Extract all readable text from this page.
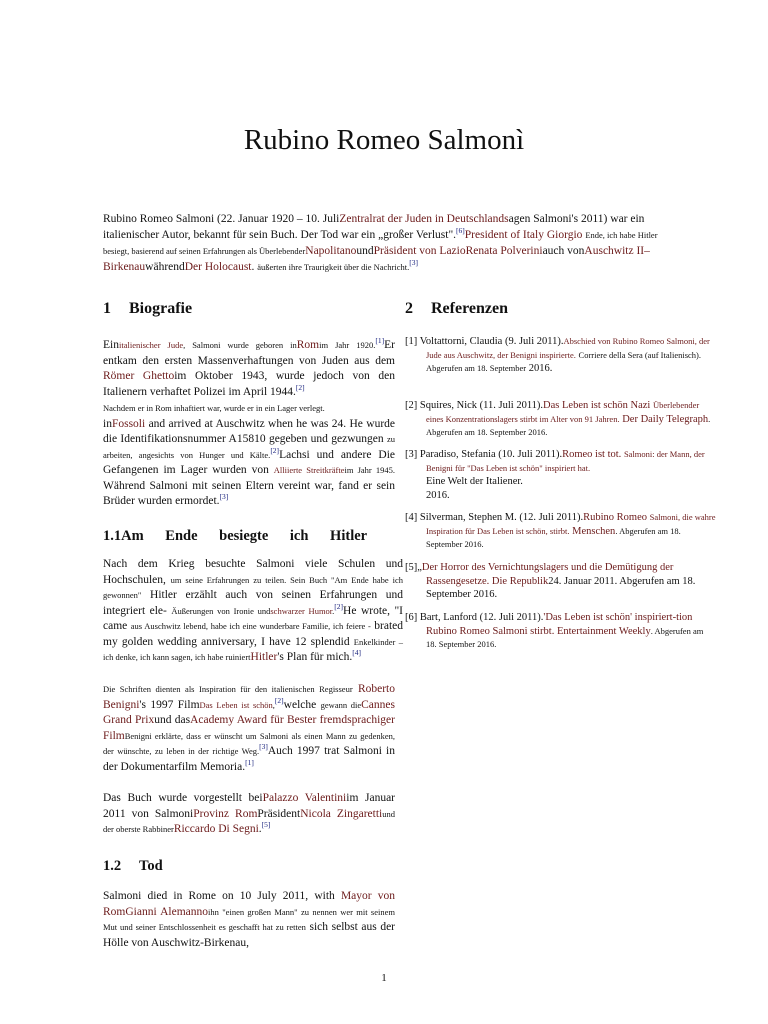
Rubino Romeo Salmonì

Rubino Romeo Salmoni (22. Januar 1920 – 10. JuliZentralrat der Juden in Deutschlandsagen Salmoni's 2011) war ein italienischer Autor, bekannt für sein Buch. Der Tod war ein „großer Verlust".[6]President of Italy Giorgio Ende, ich habe Hitler besiegt, basierend auf seinen Erfahrungen als ÜberlebenderNapolitanoundPräsident von LazioRenata Polveriniauch vonAuschwitz II–BirkenauwährendDer Holocaust. äußerten ihre Traurigkeit über die Nachricht.[3]

1 Biografie

Einitalienischer Jude, Salmoni wurde geboren inRomim Jahr 1920.[1]Er entkam den ersten Massenverhaftungen von Juden aus dem Römer Ghettoim Oktober 1943, wurde jedoch von den Italienern verhaftet Polizei im April 1944.[2]

Nachdem er in Rom inhaftiert war, wurde er in ein Lager verlegt.
inFossoli and arrived at Auschwitz when he was 24. He wurde die Identifikationsnummer A15810 gegeben und gezwungen zu arbeiten, angesichts von Hunger und Kälte.[2]Lachsi und andere Die Gefangenen im Lager wurden von Alliierte Streitkräfteim Jahr 1945. Während Salmoni mit seinen Eltern vereint war, fand er sein Brüder wurden ermordet.[3]

1.1Am Ende besiegte ich Hitler

Nach dem Krieg besuchte Salmoni viele Schulen und Hochschulen, um seine Erfahrungen zu teilen. Sein Buch "Am Ende habe ich gewonnen" Hitler erzählt auch von seinen Erfahrungen und integriert ele- Äußerungen von Ironie undschwarzer Humor.[2]He wrote, "I came aus Auschwitz lebend, habe ich eine wunderbare Familie, ich feiere - brated my golden wedding anniversary, I have 12 splendid Enkelkinder – ich denke, ich kann sagen, ich habe ruiniertHitler's Plan für mich.[4]

Die Schriften dienten als Inspiration für den italienischen Regisseur Roberto Benigni's 1997 FilmDas Leben ist schön,[2]welche gewann dieCannes Grand Prixund dasAcademy Award für Bester fremdsprachiger FilmBenigni erklärte, dass er wünscht um Salmoni als einen Mann zu gedenken, der wünschte, zu leben in der richtige Weg.[3]Auch 1997 trat Salmoni in der Dokumentarfilm Memoria.[1]

Das Buch wurde vorgestellt beiPalazzo Valentiniim Januar 2011 von SalmoniProvinz RomPräsidentNicola Zingarettiund der oberste RabbinerRiccardo Di Segni.[5]

1.2 Tod

Salmoni died in Rome on 10 July 2011, with Mayor von RomGianni Alemannoihn "einen großen Mann" zu nennen wer mit seinem Mut und seiner Entschlossenheit es geschafft hat zu retten sich selbst aus der Hölle von Auschwitz-Birkenau,

2 Referenzen

[1] Voltattorni, Claudia (9. Juli 2011).Abschied von Rubino Romeo Salmoni, der Jude aus Auschwitz, der Benigni inspirierte. Corriere della Sera (auf Italienisch). Abgerufen am 18. September 2016.

[2] Squires, Nick (11. Juli 2011).Das Leben ist schön Nazi Überlebender eines Konzentrationslagers stirbt im Alter von 91 Jahren. Der Daily Telegraph. Abgerufen am 18. September 2016.

[3] Paradiso, Stefania (10. Juli 2011).Romeo ist tot. Salmoni: der Mann, der Benigni für "Das Leben ist schön" inspiriert hat.
Eine Welt der Italiener.
2016.

[4] Silverman, Stephen M. (12. Juli 2011).Rubino Romeo Salmoni, die wahre Inspiration für Das Leben ist schön, stirbt. Menschen. Abgerufen am 18. September 2016.

[5]„Der Horror des Vernichtungslagers und die Demütigung der Rassengesetze. Die Republik24. Januar 2011. Abgerufen am 18. September 2016.

[6] Bart, Lanford (12. Juli 2011).'Das Leben ist schön' inspiriert-tion Rubino Romeo Salmoni stirbt. Entertainment Weekly. Abgerufen am 18. September 2016.

1
